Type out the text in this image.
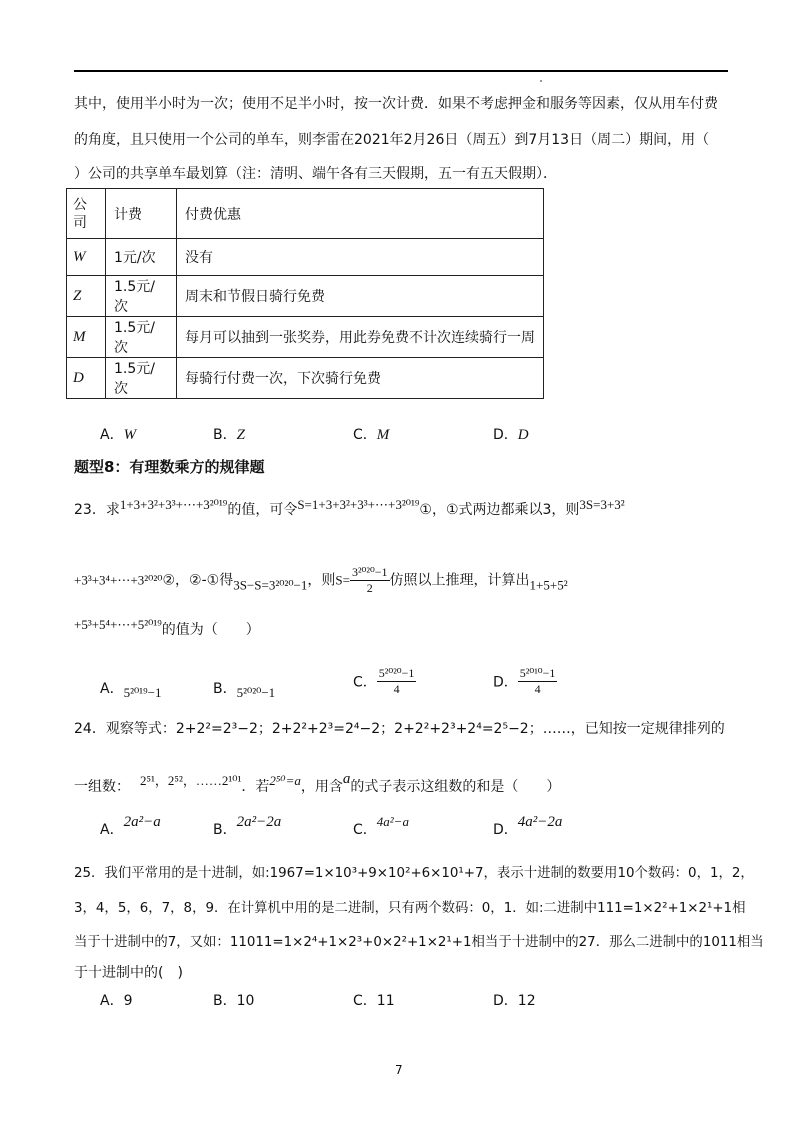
其中，使用半小时为一次；使用不足半小时，按一次计费．如果不考虑押金和服务等因素，仅从用车付费
的角度，且只使用一个公司的单车，则李雷在2021年2月26日（周五）到7月13日（周二）期间，用（
）公司的共享单车最划算（注：清明、端午各有三天假期，五一有五天假期）．
公司	计费	付费优惠
W	1元/次	没有
Z	1.5元/次	周末和节假日骑行免费
M	1.5元/次	每月可以抽到一张奖券，用此券免费不计次连续骑行一周
D	1.5元/次	每骑行付费一次，下次骑行免费
A．W	B．Z	C．M	D．D
题型8：有理数乘方的规律题
23．求1+3+3²+3³+⋯+3²⁰¹⁹的值，可令S=1+3+3²+3³+⋯+3²⁰¹⁹①，①式两边都乘以3，则3S=3+3²
+3³+3⁴+⋯+3²⁰²⁰②，②-①得3S−S=3²⁰²⁰−1，则$S= \frac{\text{3²⁰²⁰−1}}{2}$ 仿照以上推理，计算出1+5+5²
+5³+5⁴+⋯+5²⁰¹⁹的值为（　　）
A．5²⁰¹⁹−1	B．5²⁰²⁰−1
C． $\frac{\text{5²⁰²⁰−1}}{4}$	D． $\frac{\text{5²⁰¹⁰−1}}{4}$
24．观察等式：2+2²=2³−2；2+2²+2³=2⁴−2；2+2²+2³+2⁴=2⁵−2；……，已知按一定规律排列的
一组数： 2⁵¹，2⁵²，……2¹⁰¹．若2⁵⁰=a，用含a的式子表示这组数的和是（　　）
A．2a²−a	B．2a²−2a	C．4a²−a
D．4a²−2a
25．我们平常用的是十进制，如:1967=1×10³+9×10²+6×10¹+7，表示十进制的数要用10个数码：0，1，2，
3，4，5，6，7，8，9．在计算机中用的是二进制，只有两个数码：0，1．如:二进制中111=1×2²+1×2¹+1相
当于十进制中的7，又如：11011=1×2⁴+1×2³+0×2²+1×2¹+1相当于十进制中的27．那么二进制中的1011相当
于十进制中的(　)
A．9	B．10	C．11	D．12
7
